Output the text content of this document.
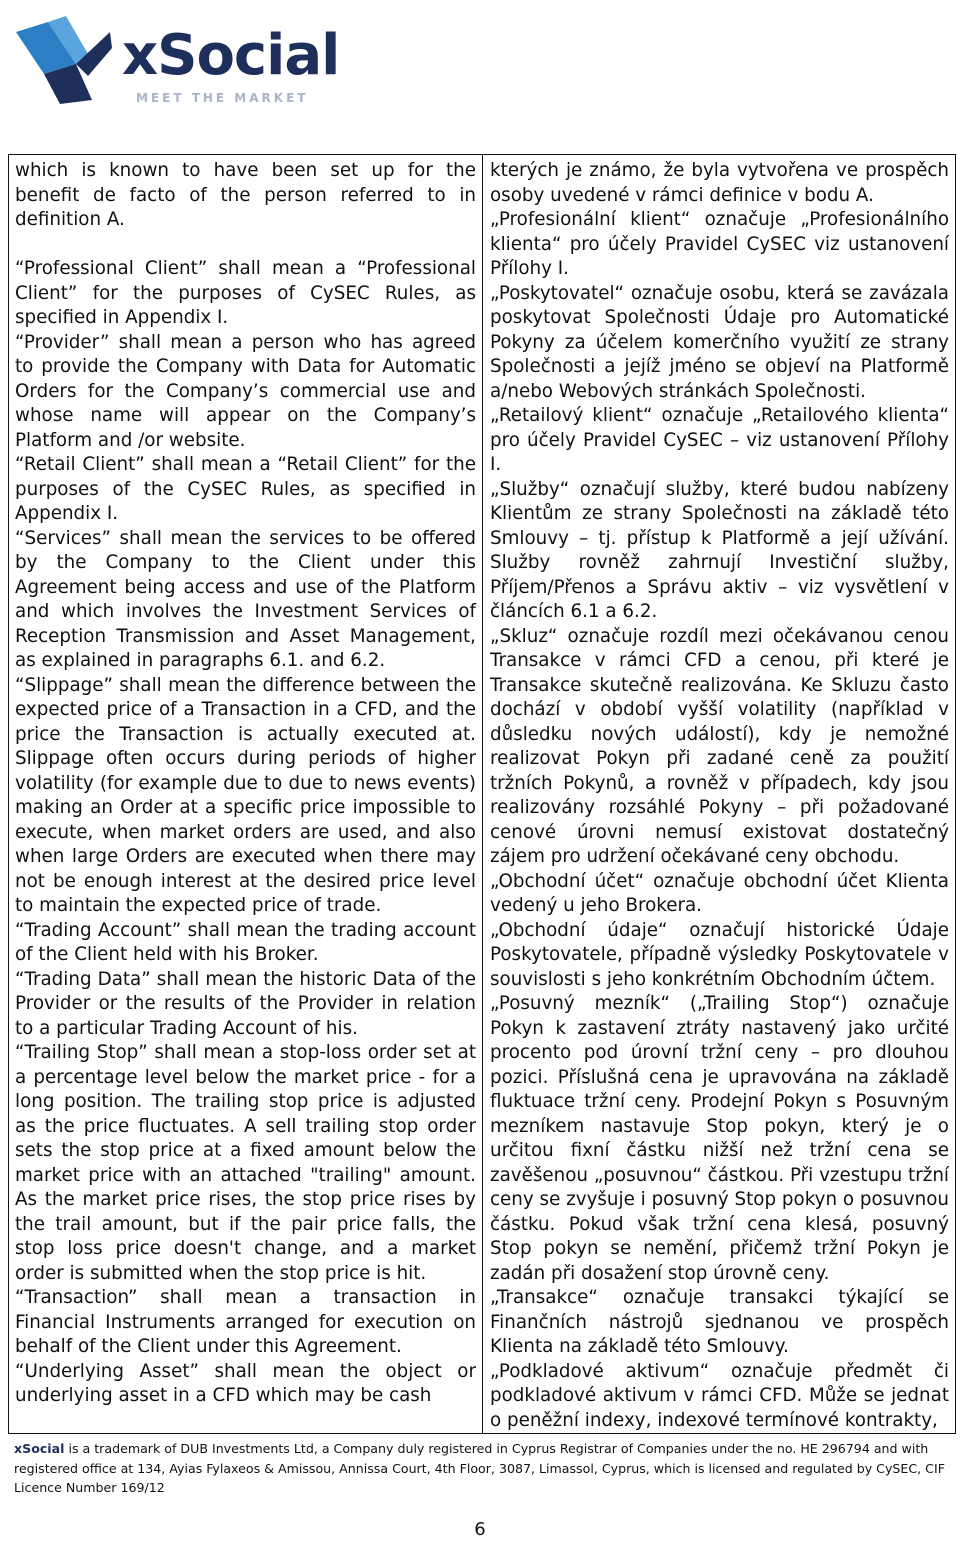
xSocial
MEET THE MARKET

which is known to have been set up for the benefit de facto of the person referred to in definition A.

“Professional Client” shall mean a “Professional Client” for the purposes of CySEC Rules, as specified in Appendix I.

“Provider” shall mean a person who has agreed to provide the Company with Data for Automatic Orders for the Company’s commercial use and whose name will appear on the Company’s Platform and /or website.

“Retail Client” shall mean a “Retail Client” for the purposes of the CySEC Rules, as specified in Appendix I.

“Services” shall mean the services to be offered by the Company to the Client under this Agreement being access and use of the Platform and which involves the Investment Services of Reception Transmission and Asset Management, as explained in paragraphs 6.1. and 6.2.

“Slippage” shall mean the difference between the expected price of a Transaction in a CFD, and the price the Transaction is actually executed at. Slippage often occurs during periods of higher volatility (for example due to due to news events) making an Order at a specific price impossible to execute, when market orders are used, and also when large Orders are executed when there may not be enough interest at the desired price level to maintain the expected price of trade.

“Trading Account” shall mean the trading account of the Client held with his Broker.

“Trading Data” shall mean the historic Data of the Provider or the results of the Provider in relation to a particular Trading Account of his.

“Trailing Stop” shall mean a stop-loss order set at a percentage level below the market price - for a long position. The trailing stop price is adjusted as the price fluctuates. A sell trailing stop order sets the stop price at a fixed amount below the market price with an attached "trailing" amount. As the market price rises, the stop price rises by the trail amount, but if the pair price falls, the stop loss price doesn't change, and a market order is submitted when the stop price is hit.

“Transaction” shall mean a transaction in Financial Instruments arranged for execution on behalf of the Client under this Agreement.

“Underlying Asset” shall mean the object or underlying asset in a CFD which may be cash

kterých je známo, že byla vytvořena ve prospěch osoby uvedené v rámci definice v bodu A.

„Profesionální klient“ označuje „Profesionálního klienta“ pro účely Pravidel CySEC viz ustanovení Přílohy I.

„Poskytovatel“ označuje osobu, která se zavázala poskytovat Společnosti Údaje pro Automatické Pokyny za účelem komerčního využití ze strany Společnosti a jejíž jméno se objeví na Platformě a/nebo Webových stránkách Společnosti.

„Retailový klient“ označuje „Retailového klienta“ pro účely Pravidel CySEC – viz ustanovení Přílohy I.

„Služby“ označují služby, které budou nabízeny Klientům ze strany Společnosti na základě této Smlouvy – tj. přístup k Platformě a její užívání. Služby rovněž zahrnují Investiční služby, Příjem/Přenos a Správu aktiv – viz vysvětlení v článcích 6.1 a 6.2.

„Skluz“ označuje rozdíl mezi očekávanou cenou Transakce v rámci CFD a cenou, při které je Transakce skutečně realizována. Ke Skluzu často dochází v období vyšší volatility (například v důsledku nových událostí), kdy je nemožné realizovat Pokyn při zadané ceně za použití tržních Pokynů, a rovněž v případech, kdy jsou realizovány rozsáhlé Pokyny – při požadované cenové úrovni nemusí existovat dostatečný zájem pro udržení očekávané ceny obchodu.

„Obchodní účet“ označuje obchodní účet Klienta vedený u jeho Brokera.

„Obchodní údaje“ označují historické Údaje Poskytovatele, případně výsledky Poskytovatele v souvislosti s jeho konkrétním Obchodním účtem.

„Posuvný mezník“ („Trailing Stop“) označuje Pokyn k zastavení ztráty nastavený jako určité procento pod úrovní tržní ceny – pro dlouhou pozici. Příslušná cena je upravována na základě fluktuace tržní ceny. Prodejní Pokyn s Posuvným mezníkem nastavuje Stop pokyn, který je o určitou fixní částku nižší než tržní cena se zavěšenou „posuvnou“ částkou. Při vzestupu tržní ceny se zvyšuje i posuvný Stop pokyn o posuvnou částku. Pokud však tržní cena klesá, posuvný Stop pokyn se nemění, přičemž tržní Pokyn je zadán při dosažení stop úrovně ceny.

„Transakce“ označuje transakci týkající se Finančních nástrojů sjednanou ve prospěch Klienta na základě této Smlouvy.

„Podkladové aktivum“ označuje předmět či podkladové aktivum v rámci CFD. Může se jednat o peněžní indexy, indexové termínové kontrakty,

xSocial is a trademark of DUB Investments Ltd, a Company duly registered in Cyprus Registrar of Companies under the no. HE 296794 and with registered office at 134, Ayias Fylaxeos & Amissou, Annissa Court, 4th Floor, 3087, Limassol, Cyprus, which is licensed and regulated by CySEC, CIF Licence Number 169/12
6
